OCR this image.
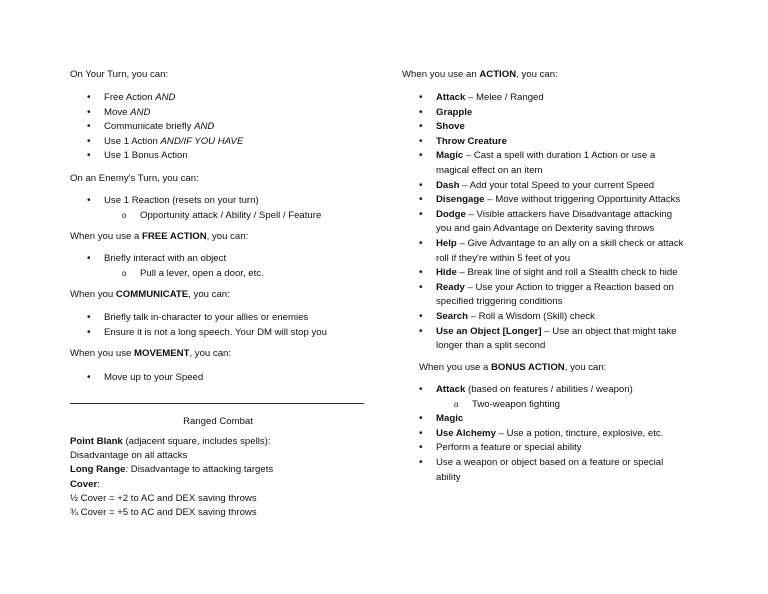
On Your Turn, you can:
• Free Action AND
• Move AND
• Communicate briefly AND
• Use 1 Action AND/IF YOU HAVE
• Use 1 Bonus Action
On an Enemy's Turn, you can:
• Use 1 Reaction (resets on your turn)
o Opportunity attack / Ability / Spell / Feature
When you use a FREE ACTION, you can:
• Briefly interact with an object
o Pull a lever, open a door, etc.
When you COMMUNICATE, you can:
• Briefly talk in-character to your allies or enemies
• Ensure it is not a long speech. Your DM will stop you
When you use MOVEMENT, you can:
• Move up to your Speed
Ranged Combat
Point Blank (adjacent square, includes spells):
Disadvantage on all attacks
Long Range: Disadvantage to attacking targets
Cover:
½ Cover = +2 to AC and DEX saving throws
¾ Cover = +5 to AC and DEX saving throws
When you use an ACTION, you can:
• Attack – Melee / Ranged
• Grapple
• Shove
• Throw Creature
• Magic – Cast a spell with duration 1 Action or use a
magical effect on an item
• Dash – Add your total Speed to your current Speed
• Disengage – Move without triggering Opportunity Attacks
• Dodge – Visible attackers have Disadvantage attacking
you and gain Advantage on Dexterity saving throws
• Help – Give Advantage to an ally on a skill check or attack
roll if they're within 5 feet of you
• Hide – Break line of sight and roll a Stealth check to hide
• Ready – Use your Action to trigger a Reaction based on
specified triggering conditions
• Search – Roll a Wisdom (Skill) check
• Use an Object [Longer] – Use an object that might take
longer than a split second
When you use a BONUS ACTION, you can:
• Attack (based on features / abilities / weapon)
o Two-weapon fighting
• Magic
• Use Alchemy – Use a potion, tincture, explosive, etc.
• Perform a feature or special ability
• Use a weapon or object based on a feature or special
ability
